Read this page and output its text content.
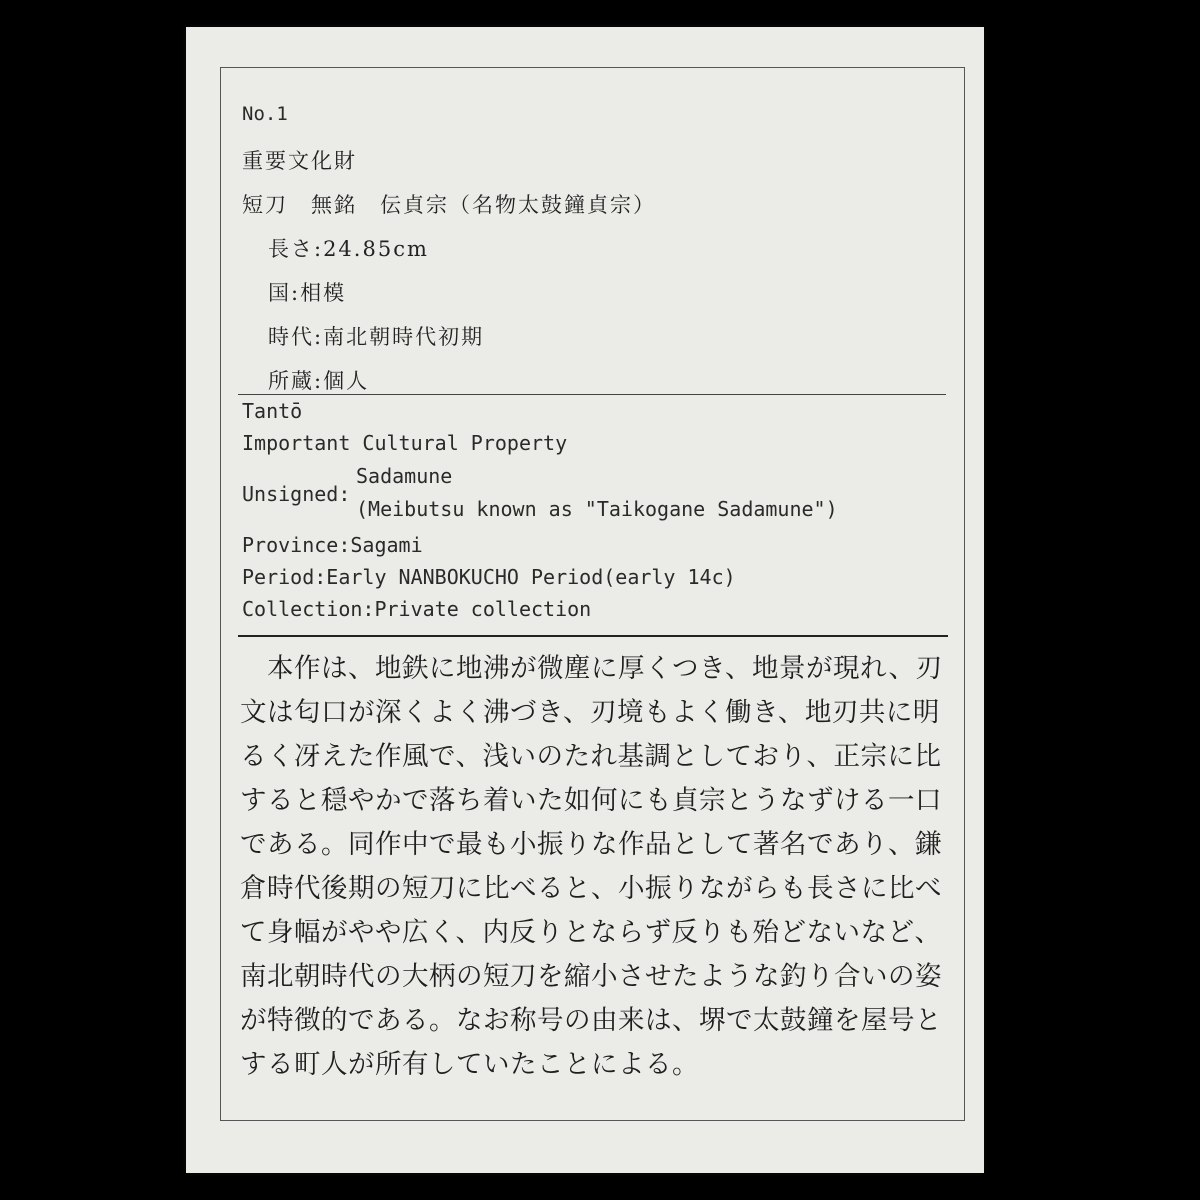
No.1
重要文化財
短刀　無銘　伝貞宗（名物太鼓鐘貞宗）
長さ:24.85cm
国:相模
時代:南北朝時代初期
所蔵:個人
Tantō
Important Cultural Property
Unsigned:
Sadamune
(Meibutsu known as "Taikogane Sadamune")
Province:Sagami
Period:Early NANBOKUCHO Period(early 14c)
Collection:Private collection
　本作は、地鉄に地沸が微塵に厚くつき、地景が現れ、刃
文は匂口が深くよく沸づき、刃境もよく働き、地刃共に明
るく冴えた作風で、浅いのたれ基調としており、正宗に比
すると穏やかで落ち着いた如何にも貞宗とうなずける一口
である。同作中で最も小振りな作品として著名であり、鎌
倉時代後期の短刀に比べると、小振りながらも長さに比べ
て身幅がやや広く、内反りとならず反りも殆どないなど、
南北朝時代の大柄の短刀を縮小させたような釣り合いの姿
が特徴的である。なお称号の由来は、堺で太鼓鐘を屋号と
する町人が所有していたことによる。
